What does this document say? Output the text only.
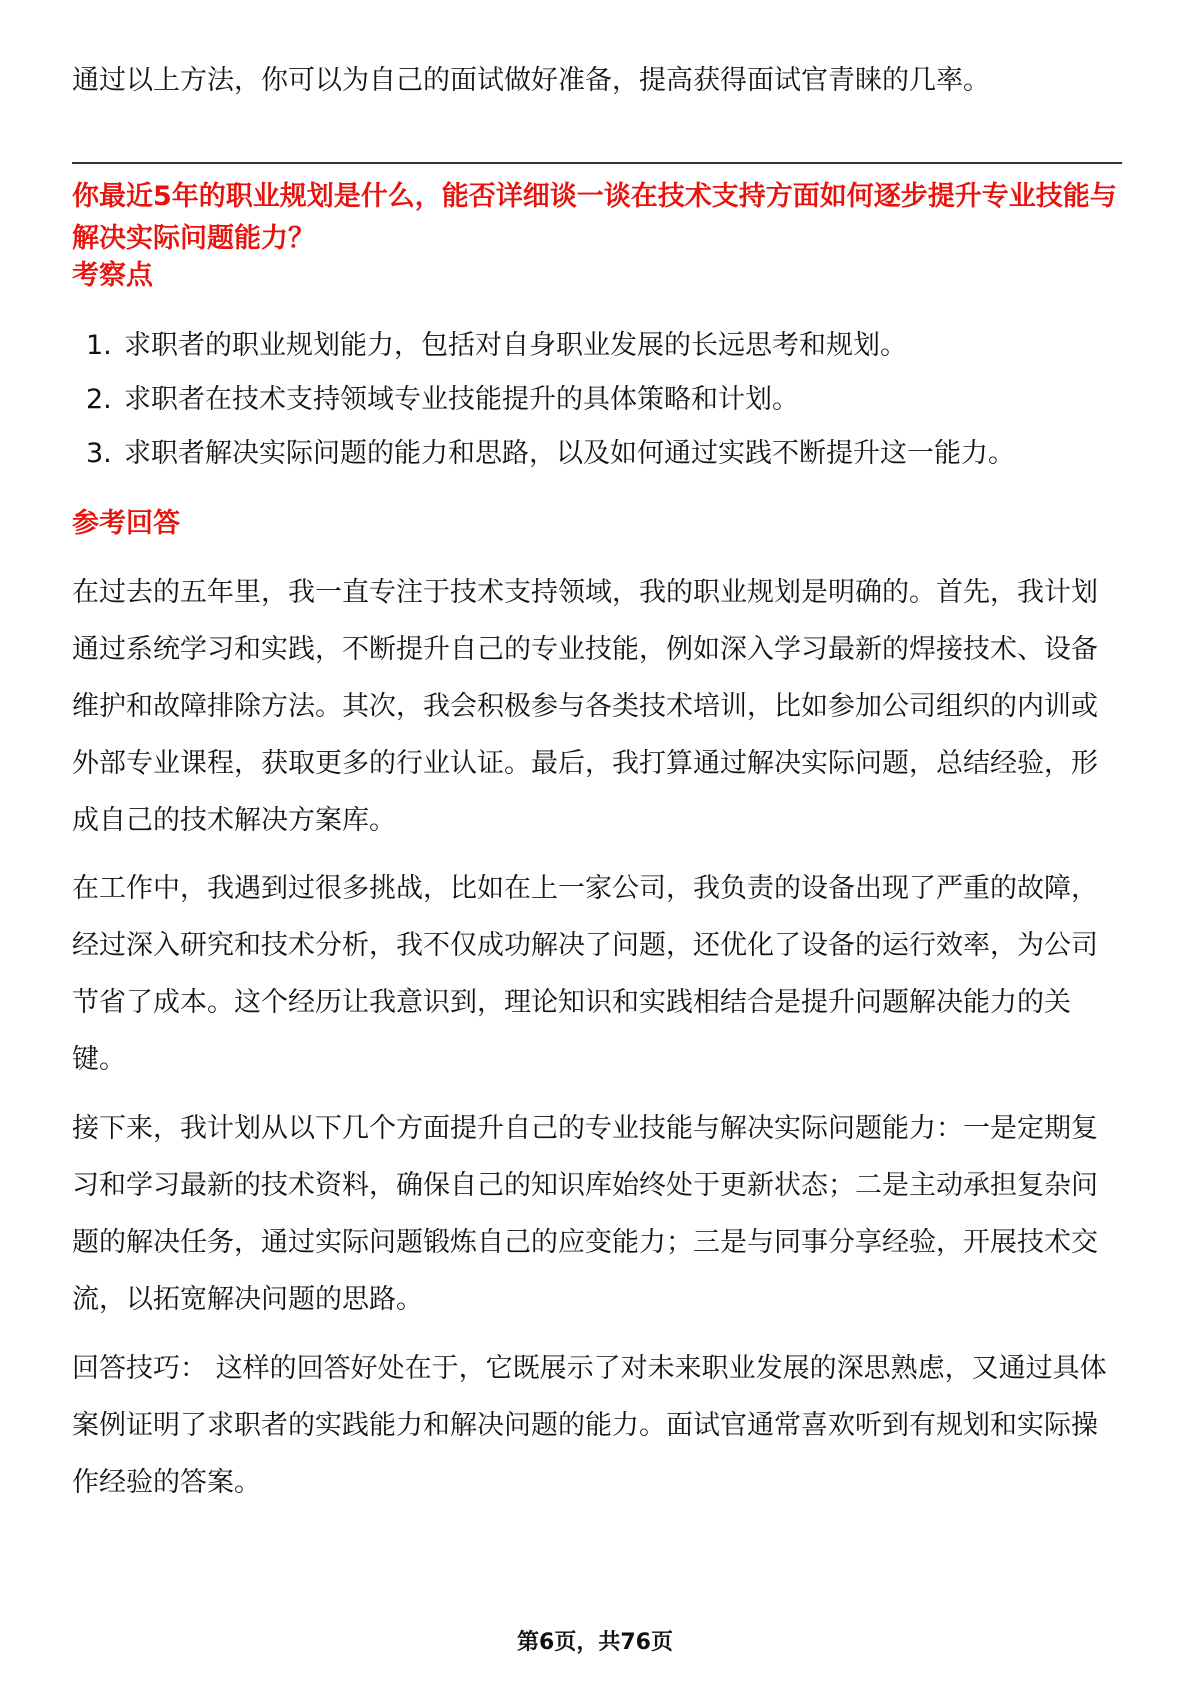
通过以上方法，你可以为自己的面试做好准备，提高获得面试官青睐的几率。

你最近5年的职业规划是什么，能否详细谈一谈在技术支持方面如何逐步提升专业技能与解决实际问题能力？

考察点

1. 求职者的职业规划能力，包括对自身职业发展的长远思考和规划。

2. 求职者在技术支持领域专业技能提升的具体策略和计划。

3. 求职者解决实际问题的能力和思路，以及如何通过实践不断提升这一能力。

参考回答

在过去的五年里，我一直专注于技术支持领域，我的职业规划是明确的。首先，我计划通过系统学习和实践，不断提升自己的专业技能，例如深入学习最新的焊接技术、设备维护和故障排除方法。其次，我会积极参与各类技术培训，比如参加公司组织的内训或外部专业课程，获取更多的行业认证。最后，我打算通过解决实际问题，总结经验，形成自己的技术解决方案库。

在工作中，我遇到过很多挑战，比如在上一家公司，我负责的设备出现了严重的故障，经过深入研究和技术分析，我不仅成功解决了问题，还优化了设备的运行效率，为公司节省了成本。这个经历让我意识到，理论知识和实践相结合是提升问题解决能力的关键。

接下来，我计划从以下几个方面提升自己的专业技能与解决实际问题能力：一是定期复习和学习最新的技术资料，确保自己的知识库始终处于更新状态；二是主动承担复杂问题的解决任务，通过实际问题锻炼自己的应变能力；三是与同事分享经验，开展技术交流，以拓宽解决问题的思路。

回答技巧： 这样的回答好处在于，它既展示了对未来职业发展的深思熟虑，又通过具体案例证明了求职者的实践能力和解决问题的能力。面试官通常喜欢听到有规划和实际操作经验的答案。

第6页，共76页
